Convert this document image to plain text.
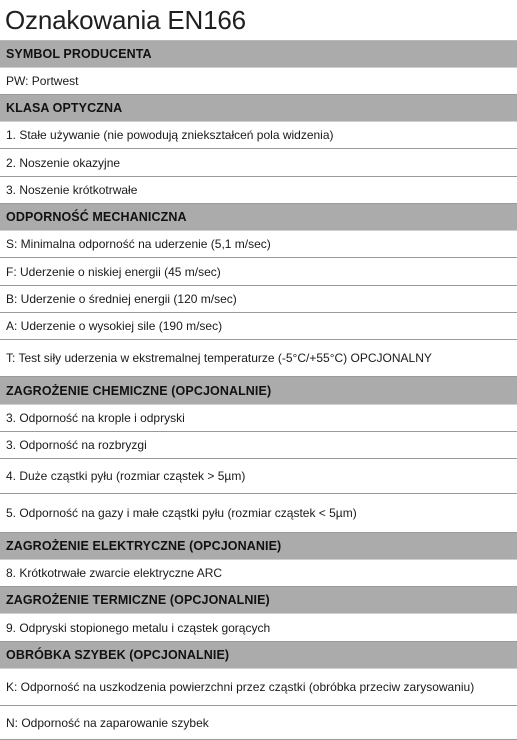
Oznakowania EN166
SYMBOL PRODUCENTA
PW: Portwest
KLASA OPTYCZNA
1. Stałe używanie (nie powodują zniekształceń pola widzenia)
2. Noszenie okazyjne
3. Noszenie krótkotrwałe
ODPORNOŚĆ MECHANICZNA
S: Minimalna odporność na uderzenie (5,1 m/sec)
F: Uderzenie o niskiej energii (45 m/sec)
B: Uderzenie o średniej energii (120 m/sec)
A: Uderzenie o wysokiej sile (190 m/sec)
T: Test siły uderzenia w ekstremalnej temperaturze (-5°C/+55°C) OPCJONALNY
ZAGROŻENIE CHEMICZNE (OPCJONALNIE)
3. Odporność na krople i odpryski
3. Odporność na rozbryzgi
4. Duże cząstki pyłu (rozmiar cząstek > 5µm)
5. Odporność na gazy i małe cząstki pyłu (rozmiar cząstek < 5µm)
ZAGROŻENIE ELEKTRYCZNE (OPCJONANIE)
8. Krótkotrwałe zwarcie elektryczne ARC
ZAGROŻENIE TERMICZNE (OPCJONALNIE)
9. Odpryski stopionego metalu i cząstek gorących
OBRÓBKA SZYBEK (OPCJONALNIE)
K: Odporność na uszkodzenia powierzchni przez cząstki (obróbka przeciw zarysowaniu)
N: Odporność na zaparowanie szybek
